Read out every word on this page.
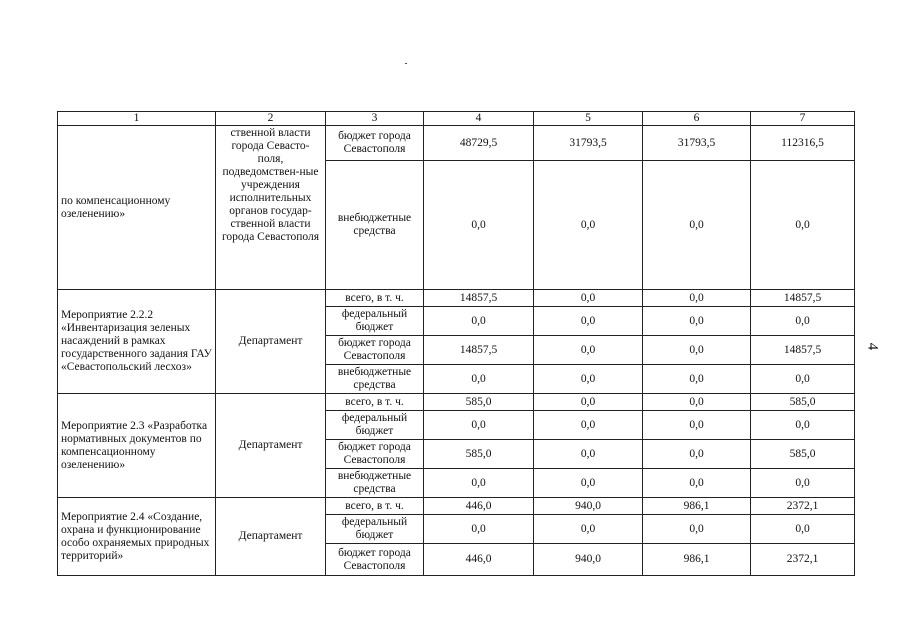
1	2	3	4	5	6	7
по компенсационному озеленению»	ственной власти города Севасто-поля, подведомствен-ные учреждения исполнительных органов государ-ственной власти города Севастополя	бюджет города Севастополя	48729,5	31793,5	31793,5	112316,5
		внебюджетные средства	0,0	0,0	0,0	0,0
Мероприятие 2.2.2 «Инвентаризация зеленых насаждений в рамках государственного задания ГАУ «Севастопольский лесхоз»	Департамент	всего, в т. ч.	14857,5	0,0	0,0	14857,5
		федеральный бюджет	0,0	0,0	0,0	0,0
		бюджет города Севастополя	14857,5	0,0	0,0	14857,5
		внебюджетные средства	0,0	0,0	0,0	0,0
Мероприятие 2.3 «Разработка нормативных документов по компенсационному озеленению»	Департамент	всего, в т. ч.	585,0	0,0	0,0	585,0
		федеральный бюджет	0,0	0,0	0,0	0,0
		бюджет города Севастополя	585,0	0,0	0,0	585,0
		внебюджетные средства	0,0	0,0	0,0	0,0
Мероприятие 2.4 «Создание, охрана и функционирование особо охраняемых природных территорий»	Департамент	всего, в т. ч.	446,0	940,0	986,1	2372,1
		федеральный бюджет	0,0	0,0	0,0	0,0
		бюджет города Севастополя	446,0	940,0	986,1	2372,1
4
